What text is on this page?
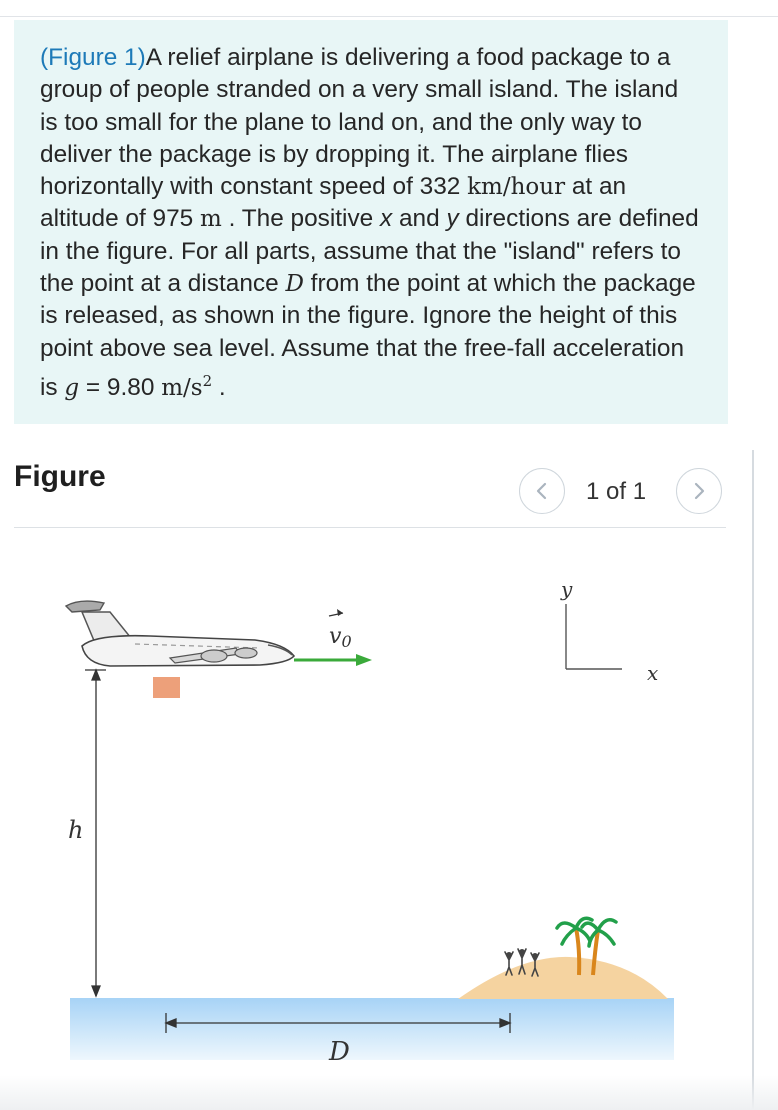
(Figure 1)A relief airplane is delivering a food package to a group of people stranded on a very small island. The island is too small for the plane to land on, and the only way to deliver the package is by dropping it. The airplane flies horizontally with constant speed of 332 km/hour at an altitude of 975 m . The positive x and y directions are defined in the figure. For all parts, assume that the "island" refers to the point at a distance D from the point at which the package is released, as shown in the figure. Ignore the height of this point above sea level. Assume that the free-fall acceleration is g = 9.80 $m/s^2$ .

Figure	1 of 1
v0
h
D
y
x
